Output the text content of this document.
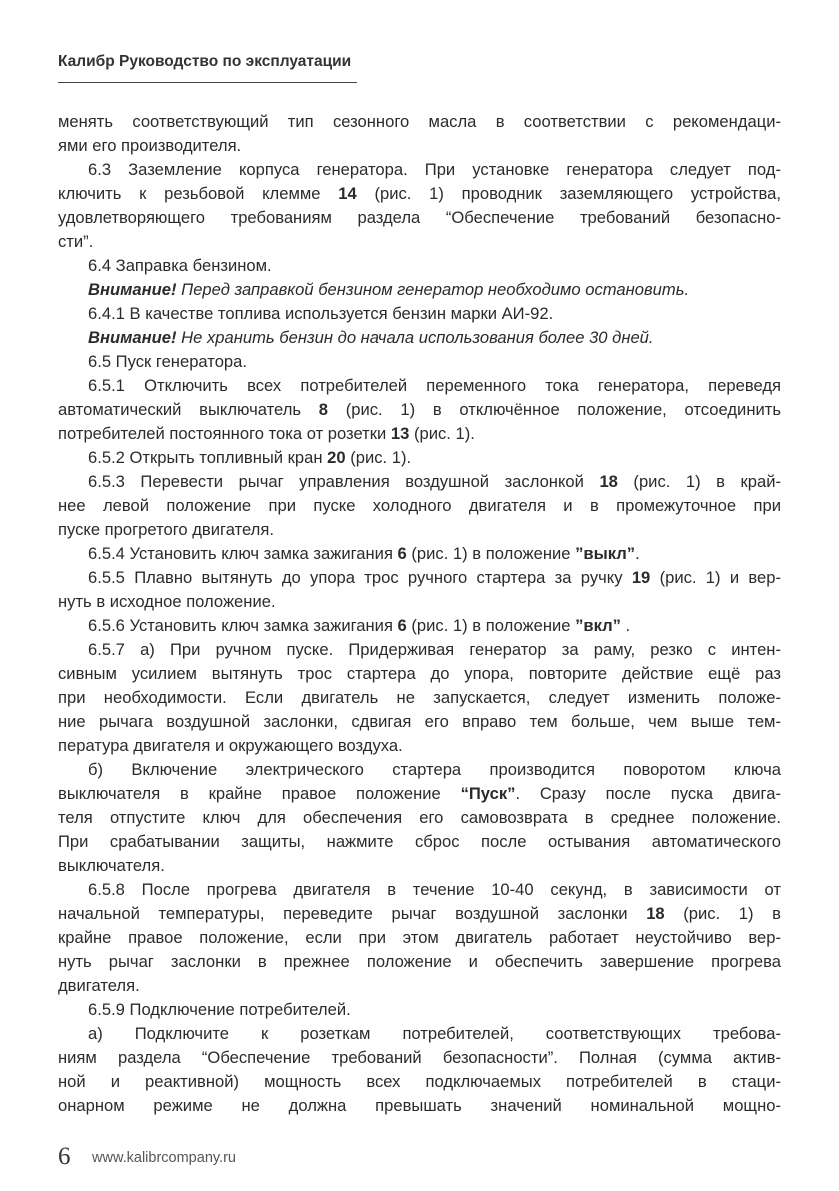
Калибр Руководство по эксплуатации
менять соответствующий тип сезонного масла в соответствии с рекомендаци-
ями его производителя.
6.3 Заземление корпуса генератора. При установке генератора следует под-
ключить к резьбовой клемме 14 (рис. 1) проводник заземляющего устройства,
удовлетворяющего требованиям раздела “Обеспечение требований безопасно-
сти”.
6.4 Заправка бензином.
Внимание! Перед заправкой бензином генератор необходимо остановить.
6.4.1 В качестве топлива используется бензин марки АИ-92.
Внимание! Не хранить бензин до начала использования более 30 дней.
6.5 Пуск генератора.
6.5.1 Отключить всех потребителей переменного тока генератора, переведя
автоматический выключатель 8 (рис. 1) в отключённое положение, отсоединить
потребителей постоянного тока от розетки 13 (рис. 1).
6.5.2 Открыть топливный кран 20 (рис. 1).
6.5.3 Перевести рычаг управления воздушной заслонкой 18 (рис. 1) в край-
нее левой положение при пуске холодного двигателя и в промежуточное при
пуске прогретого двигателя.
6.5.4 Установить ключ замка зажигания 6 (рис. 1) в положение ”выкл”.
6.5.5 Плавно вытянуть до упора трос ручного стартера за ручку 19 (рис. 1) и вер-
нуть в исходное положение.
6.5.6 Установить ключ замка зажигания 6 (рис. 1) в положение ”вкл” .
6.5.7 а) При ручном пуске. Придерживая генератор за раму, резко с интен-
сивным усилием вытянуть трос стартера до упора, повторите действие ещё раз
при необходимости. Если двигатель не запускается, следует изменить положе-
ние рычага воздушной заслонки, сдвигая его вправо тем больше, чем выше тем-
пература двигателя и окружающего воздуха.
б) Включение электрического стартера производится поворотом ключа
выключателя в крайне правое положение “Пуск”. Сразу после пуска двига-
теля отпустите ключ для обеспечения его самовозврата в среднее положение.
При срабатывании защиты, нажмите сброс после остывания автоматического
выключателя.
6.5.8 После прогрева двигателя в течение 10-40 секунд, в зависимости от
начальной температуры, переведите рычаг воздушной заслонки 18 (рис. 1) в
крайне правое положение, если при этом двигатель работает неустойчиво вер-
нуть рычаг заслонки в прежнее положение и обеспечить завершение прогрева
двигателя.
6.5.9 Подключение потребителей.
а) Подключите к розеткам потребителей, соответствующих требова-
ниям раздела “Обеспечение требований безопасности”. Полная (сумма актив-
ной и реактивной) мощность всех подключаемых потребителей в стаци-
онарном режиме не должна превышать значений номинальной мощно-
6 www.kalibrcompany.ru
